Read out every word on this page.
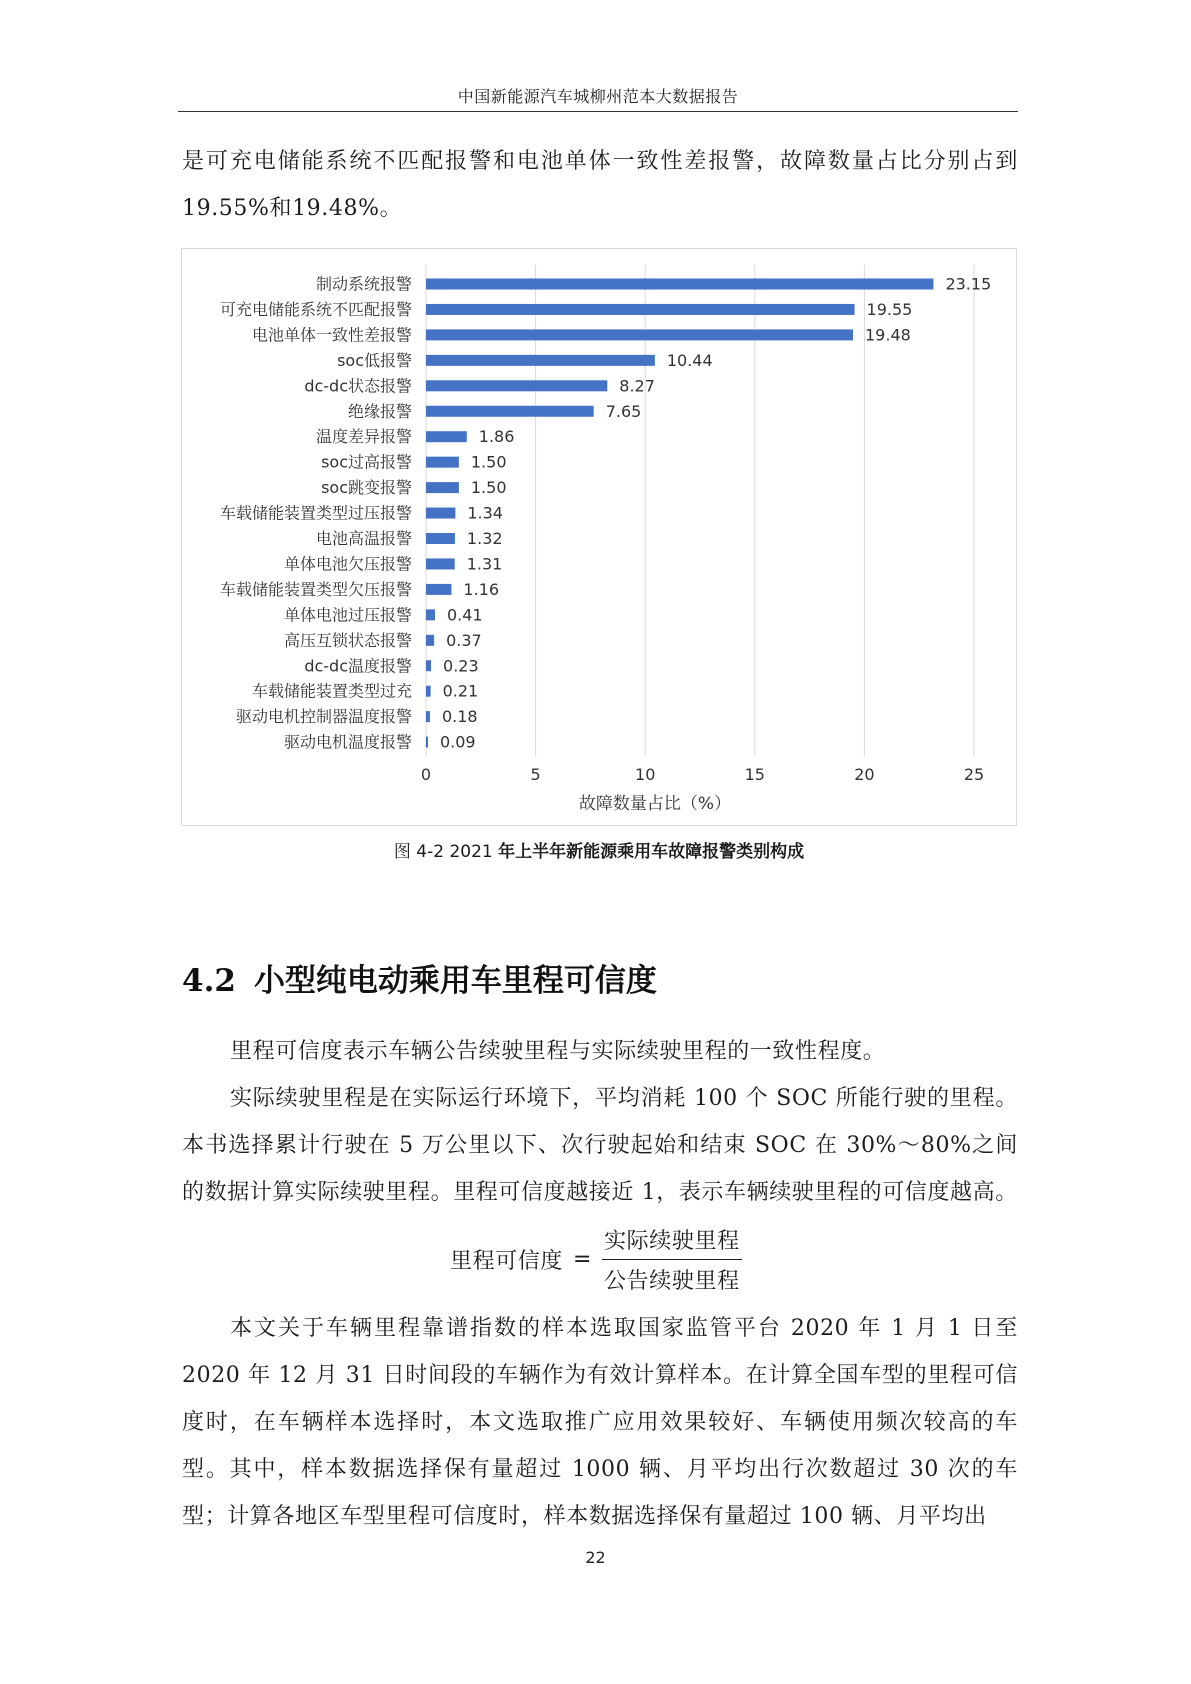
中国新能源汽车城柳州范本大数据报告

是可充电储能系统不匹配报警和电池单体一致性差报警，故障数量占比分别占到19.55%和19.48%。

0	5	10	15	20	25
制动系统报警	23.15
可充电储能系统不匹配报警	19.55
电池单体一致性差报警	19.48
soc低报警	10.44
dc-dc状态报警	8.27
绝缘报警	7.65
温度差异报警	1.86
soc过高报警	1.50
soc跳变报警	1.50
车载储能装置类型过压报警	1.34
电池高温报警	1.32
单体电池欠压报警	1.31
车载储能装置类型欠压报警	1.16
单体电池过压报警 0.41
高压互锁状态报警 0.37
dc-dc温度报警 0.23
车载储能装置类型过充 0.21
驱动电机控制器温度报警 0.18
驱动电机温度报警 0.09
故障数量占比（%）
图 4-2 2021 年上半年新能源乘用车故障报警类别构成
4.2 小型纯电动乘用车里程可信度

里程可信度表示车辆公告续驶里程与实际续驶里程的一致性程度。

实际续驶里程是在实际运行环境下，平均消耗 100 个 SOC 所能行驶的里程。本书选择累计行驶在 5 万公里以下、次行驶起始和结束 SOC 在 30%～80%之间的数据计算实际续驶里程。里程可信度越接近 1，表示车辆续驶里程的可信度越高。

里程可信度 = $\frac{\text{实际续驶里程}}{\text{公告续驶里程}}$

本文关于车辆里程靠谱指数的样本选取国家监管平台 2020 年 1 月 1 日至 2020 年 12 月 31 日时间段的车辆作为有效计算样本。在计算全国车型的里程可信度时，在车辆样本选择时，本文选取推广应用效果较好、车辆使用频次较高的车型。其中，样本数据选择保有量超过 1000 辆、月平均出行次数超过 30 次的车型；计算各地区车型里程可信度时，样本数据选择保有量超过 100 辆、月平均出

22
